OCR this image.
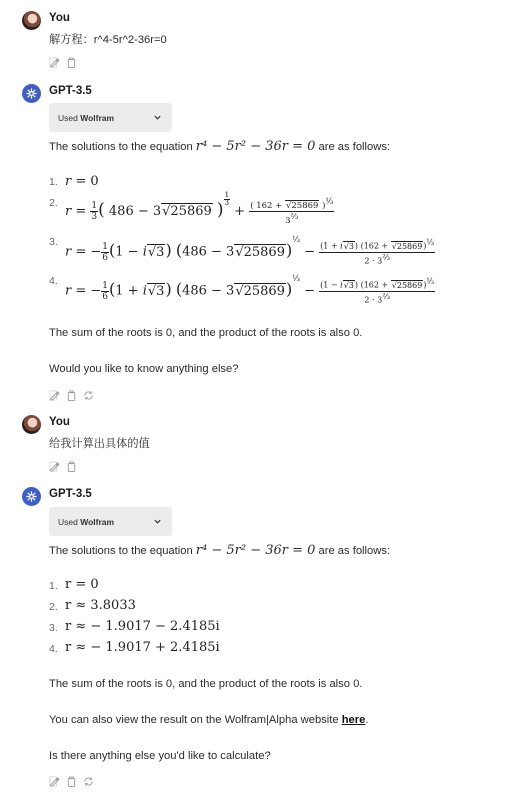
You
解方程：r^4-5r^2-36r=0
GPT-3.5
Used Wolfram
The solutions to the equation r⁴ − 5r² − 36r = 0 are as follows:
1. r = 0
2.
$r = \frac{1}{3}$ ( 486 − 3√25869 )
$^{\frac{1}{3}}$
+ $\frac{( 162 + √25869 )^{\frac{1}{3}}}{3^{\frac{2}{3}}}$
3.
r = − $\frac{1}{6} (1 - i√3) (486 - 3√25869)^{\frac{1}{3}} - \frac{(1 + i√3) (162 + √25869)^{\frac{1}{3}}}{2 \cdot 3^{\frac{2}{3}}}$
4.
r = − $\frac{1}{6} (1 + i√3) (486 - 3√25869)^{\frac{1}{3}} - \frac{(1 - i√3) (162 + √25869)^{\frac{1}{3}}}{2 \cdot 3^{\frac{2}{3}}}$
The sum of the roots is 0, and the product of the roots is also 0.
Would you like to know anything else?
You
给我计算出具体的值
GPT-3.5
Used Wolfram
The solutions to the equation r⁴ − 5r² − 36r = 0 are as follows:
1. r = 0
2. r ≈ 3.8033
3. r ≈ − 1.9017 − 2.4185i
4. r ≈ − 1.9017 + 2.4185i
The sum of the roots is 0, and the product of the roots is also 0.
You can also view the result on the Wolfram|Alpha website here.
Is there anything else you'd like to calculate?
